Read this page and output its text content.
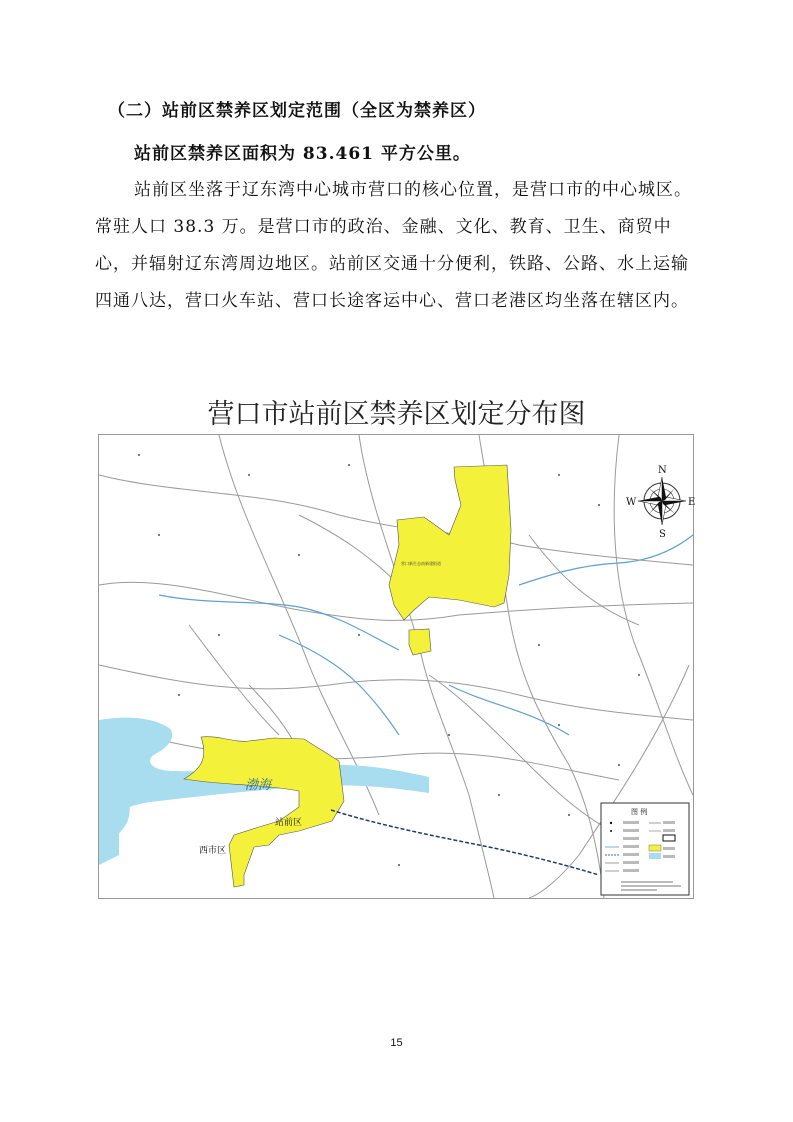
（二）站前区禁养区划定范围（全区为禁养区）
站前区禁养区面积为 83.461 平方公里。

站前区坐落于辽东湾中心城市营口的核心位置，是营口市的中心城区。常驻人口 38.3 万。是营口市的政治、金融、文化、教育、卫生、商贸中心，并辐射辽东湾周边地区。站前区交通十分便利，铁路、公路、水上运输四通八达，营口火车站、营口长途客运中心、营口老港区均坐落在辖区内。

营口市站前区禁养区划定分布图
渤海
站前区
西市区
营口新生态南新建街道
N
S
E
W
图 例
15
